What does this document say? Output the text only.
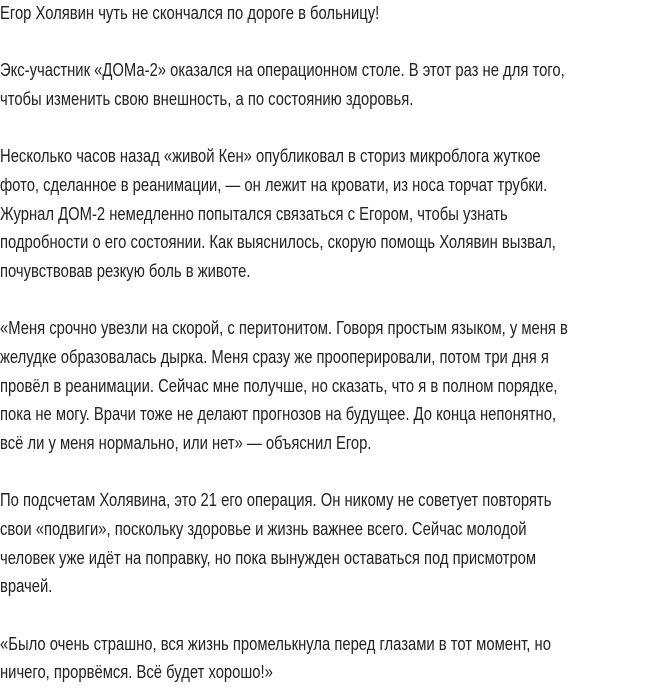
Егор Холявин чуть не скончался по дороге в больницу!
Экс-участник «ДОМа-2» оказался на операционном столе. В этот раз не для того,
чтобы изменить свою внешность, а по состоянию здоровья.
Несколько часов назад «живой Кен» опубликовал в сториз микроблога жуткое
фото, сделанное в реанимации, — он лежит на кровати, из носа торчат трубки.
Журнал ДОМ-2 немедленно попытался связаться с Егором, чтобы узнать
подробности о его состоянии. Как выяснилось, скорую помощь Холявин вызвал,
почувствовав резкую боль в животе.
«Меня срочно увезли на скорой, с перитонитом. Говоря простым языком, у меня в
желудке образовалась дырка. Меня сразу же прооперировали, потом три дня я
провёл в реанимации. Сейчас мне получше, но сказать, что я в полном порядке,
пока не могу. Врачи тоже не делают прогнозов на будущее. До конца непонятно,
всё ли у меня нормально, или нет» — объяснил Егор.
По подсчетам Холявина, это 21 его операция. Он никому не советует повторять
свои «подвиги», поскольку здоровье и жизнь важнее всего. Сейчас молодой
человек уже идёт на поправку, но пока вынужден оставаться под присмотром
врачей.
«Было очень страшно, вся жизнь промелькнула перед глазами в тот момент, но
ничего, прорвёмся. Всё будет хорошо!»
